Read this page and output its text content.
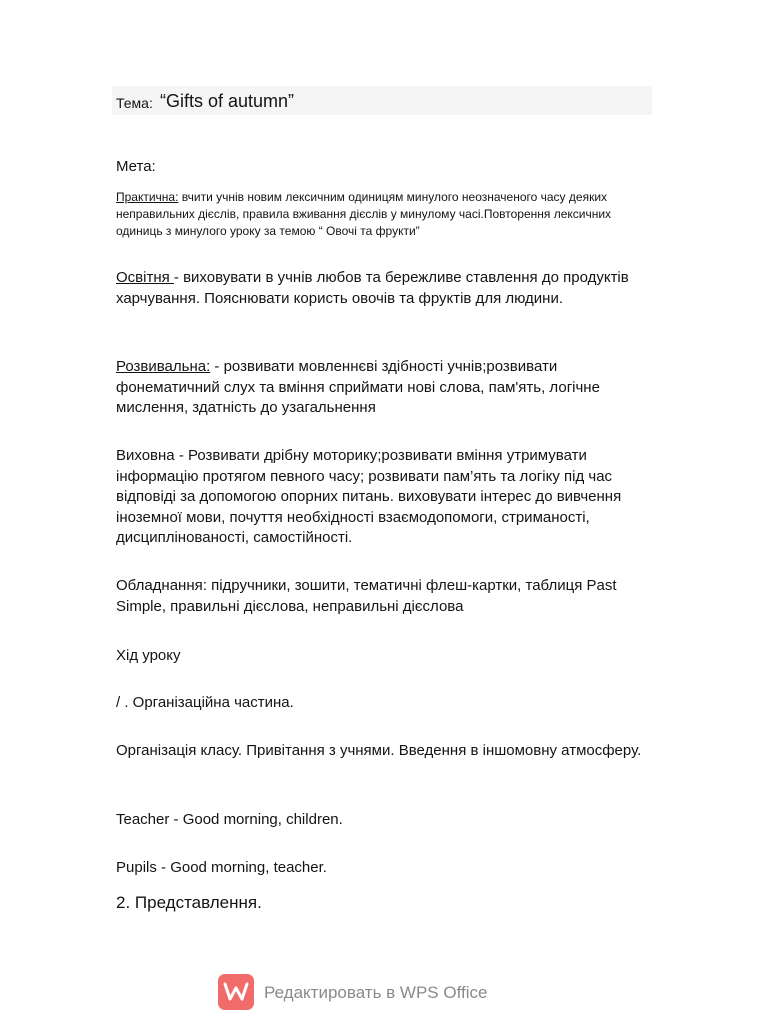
Тема: “Gifts of autumn”
Мета:
Практична: вчити учнів новим лексичним одиницям минулого неозначеного часу деяких неправильних дієслів, правила вживання дієслів у минулому часі.Повторення лексичних одиниць з минулого уроку за темою “ Овочі та фрукти”
Освітня - виховувати в учнів любов та бережливе ставлення до продуктів харчування. Пояснювати користь овочів та фруктів для людини.
Розвивальна: - розвивати мовленнєві здібності учнів;розвивати фонематичний слух та вміння сприймати нові слова, пам'ять, логічне мислення, здатність до узагальнення
Виховна - Розвивати дрібну моторику;розвивати вміння утримувати інформацію протягом певного часу; розвивати пам’ять та логіку під час відповіді за допомогою опорних питань. виховувати інтерес до вивчення іноземної мови, почуття необхідності взаємодопомоги, стриманості, дисциплінованості, самостійності.
Обладнання: підручники, зошити, тематичні флеш-картки, таблиця Past Simple, правильні дієслова, неправильні дієслова
Хід уроку
/ . Організаційна частина.
Організація класу. Привітання з учнями. Введення в іншомовну атмосферу.
Teacher - Good morning, children.
Pupils - Good morning, teacher.
2. Представлення.
Редактировать в WPS Office
